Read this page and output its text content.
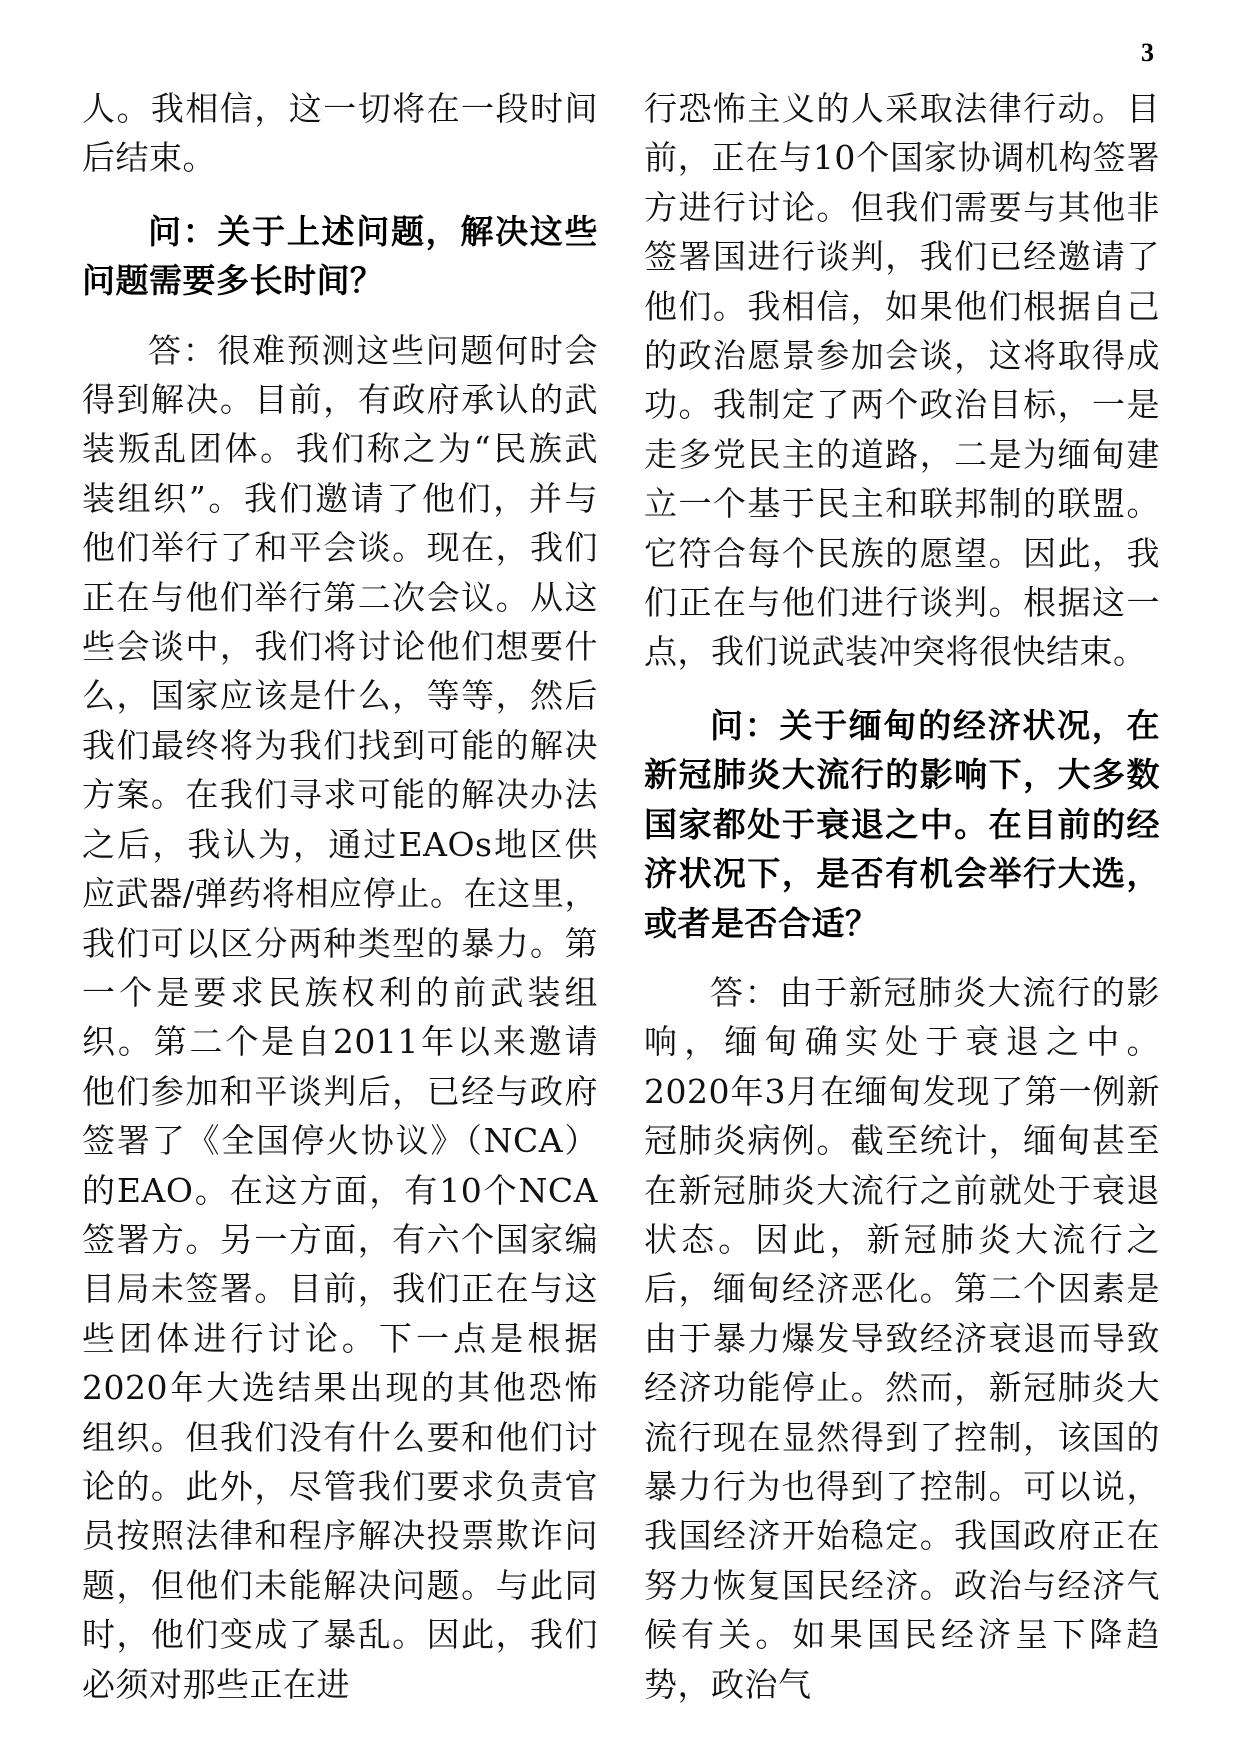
3

人。我相信，这一切将在一段时间后结束。

问：关于上述问题，解决这些问题需要多长时间？

答：很难预测这些问题何时会得到解决。目前，有政府承认的武装叛乱团体。我们称之为“民族武装组织”。我们邀请了他们，并与他们举行了和平会谈。现在，我们正在与他们举行第二次会议。从这些会谈中，我们将讨论他们想要什么，国家应该是什么，等等，然后我们最终将为我们找到可能的解决方案。在我们寻求可能的解决办法之后，我认为，通过EAOs地区供应武器/弹药将相应停止。在这里，我们可以区分两种类型的暴力。第一个是要求民族权利的前武装组织。第二个是自2011年以来邀请他们参加和平谈判后，已经与政府签署了《全国停火协议》（NCA）的EAO。在这方面，有10个NCA签署方。另一方面，有六个国家编目局未签署。目前，我们正在与这些团体进行讨论。下一点是根据2020年大选结果出现的其他恐怖组织。但我们没有什么要和他们讨论的。此外，尽管我们要求负责官员按照法律和程序解决投票欺诈问题，但他们未能解决问题。与此同时，他们变成了暴乱。因此，我们必须对那些正在进

行恐怖主义的人采取法律行动。目前，正在与10个国家协调机构签署方进行讨论。但我们需要与其他非签署国进行谈判，我们已经邀请了他们。我相信，如果他们根据自己的政治愿景参加会谈，这将取得成功。我制定了两个政治目标，一是走多党民主的道路，二是为缅甸建立一个基于民主和联邦制的联盟。它符合每个民族的愿望。因此，我们正在与他们进行谈判。根据这一点，我们说武装冲突将很快结束。

问：关于缅甸的经济状况，在新冠肺炎大流行的影响下，大多数国家都处于衰退之中。在目前的经济状况下，是否有机会举行大选，或者是否合适？

答：由于新冠肺炎大流行的影响，缅甸确实处于衰退之中。2020年3月在缅甸发现了第一例新冠肺炎病例。截至统计，缅甸甚至在新冠肺炎大流行之前就处于衰退状态。因此，新冠肺炎大流行之后，缅甸经济恶化。第二个因素是由于暴力爆发导致经济衰退而导致经济功能停止。然而，新冠肺炎大流行现在显然得到了控制，该国的暴力行为也得到了控制。可以说，我国经济开始稳定。我国政府正在努力恢复国民经济。政治与经济气候有关。如果国民经济呈下降趋势，政治气
